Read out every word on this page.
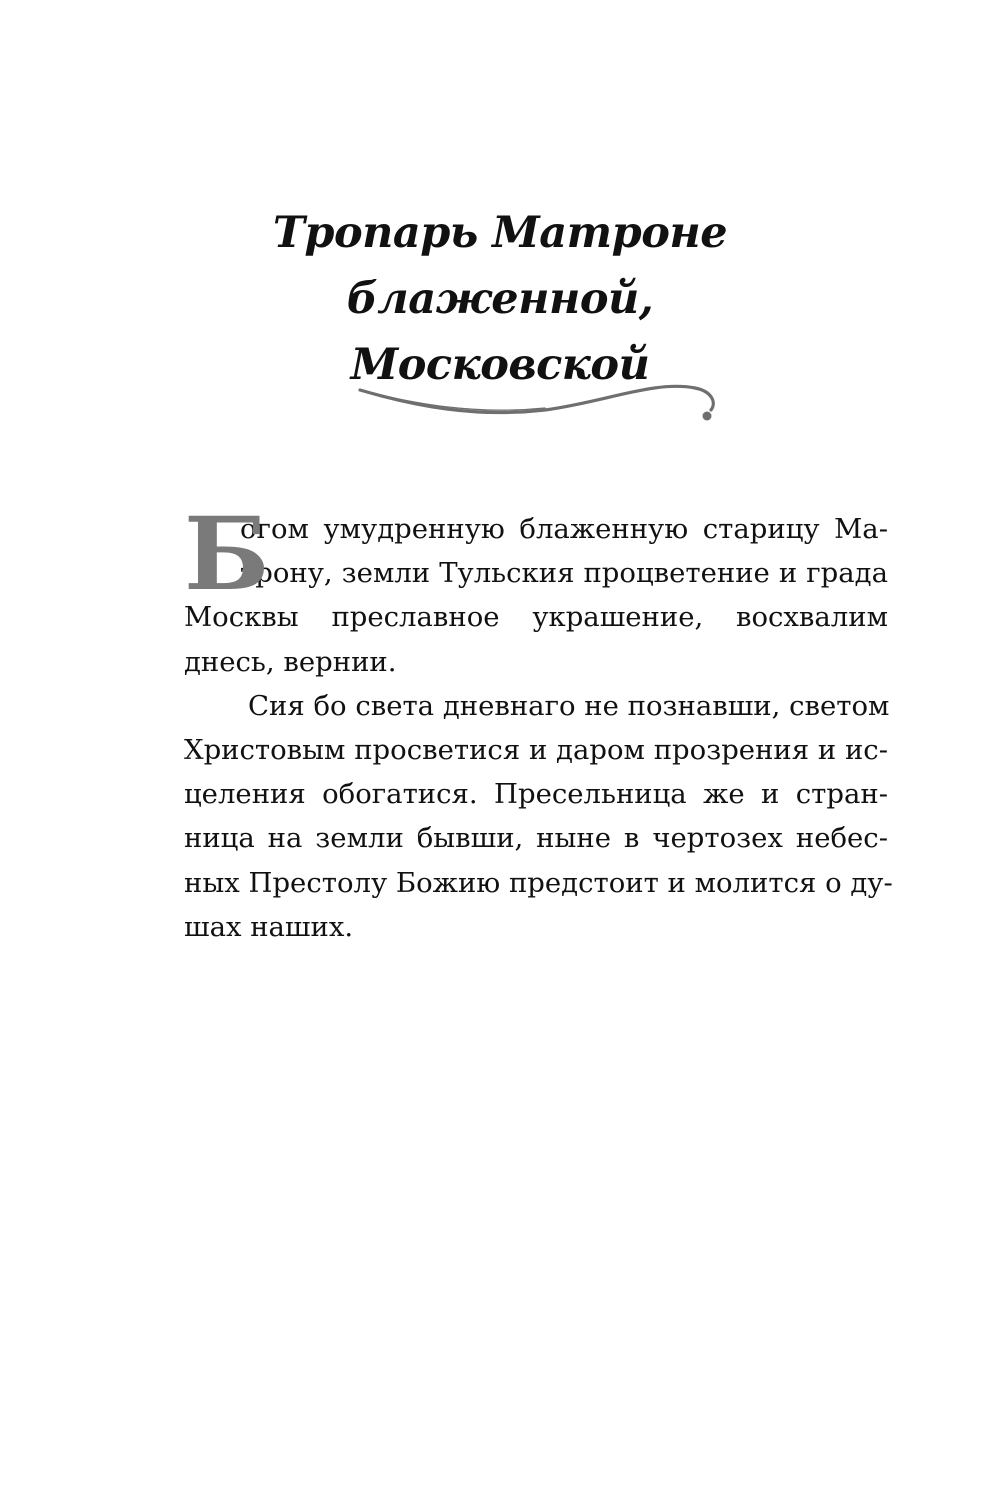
Тропарь Матроне блаженной,
Московской
Б
огом умудренную блаженную старицу Ма-
трону, земли Тульския процветение и града
Москвы преславное украшение, восхвалим
днесь, вернии.
Сия бо света дневнаго не познавши, светом
Христовым просветися и даром прозрения и ис-
целения обогатися. Пресельница же и стран-
ница на земли бывши, ныне в чертозех небес-
ных Престолу Божию предстоит и молится о ду-
шах наших.
